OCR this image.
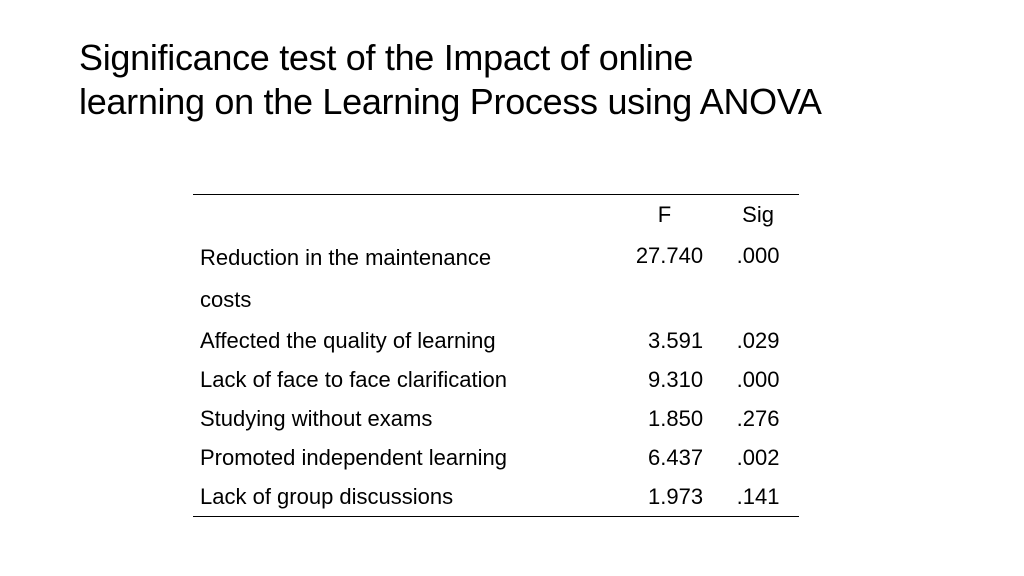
Significance test of the Impact of online
learning on the Learning Process using ANOVA
	F	Sig

Reduction in the maintenance
costs	27.740	.000

Affected the quality of learning	3.591	.029
Lack of face to face clarification	9.310	.000
Studying without exams	1.850	.276
Promoted independent learning	6.437	.002
Lack of group discussions	1.973	.141
